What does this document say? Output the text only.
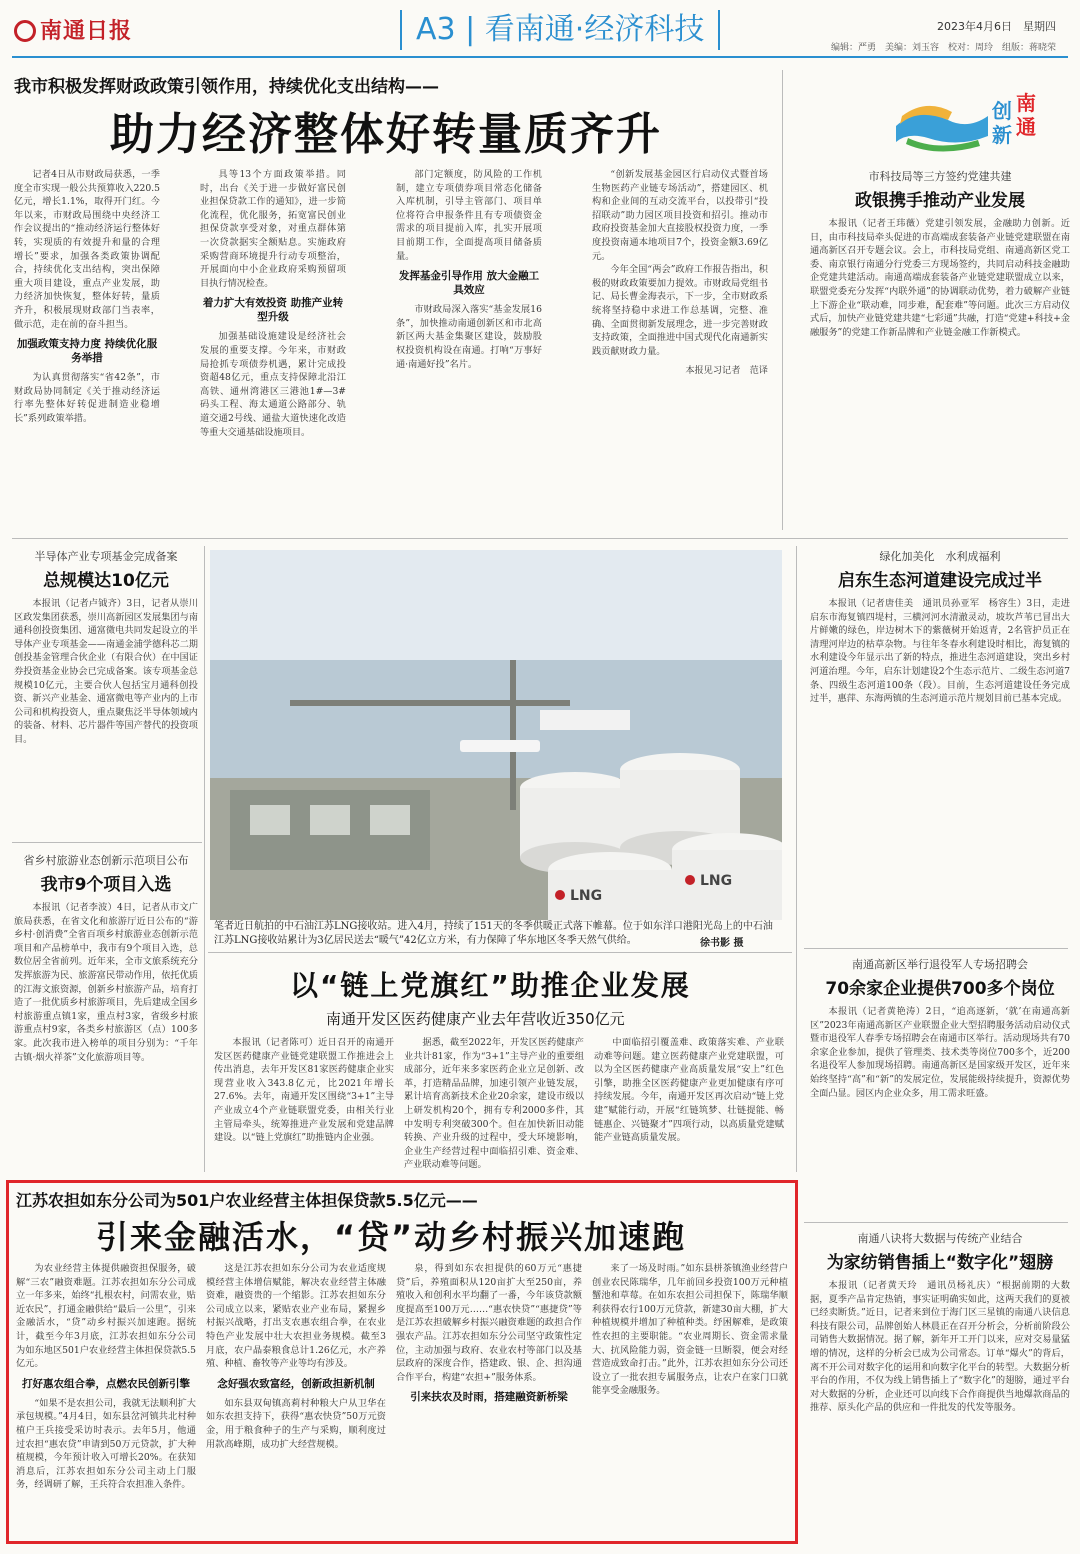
南通日报	A3 | 看南通·经济科技	2023年4月6日　星期四
编辑：严勇　美编：刘玉容　校对：周玲　组版：蒋晓荣
我市积极发挥财政政策引领作用，持续优化支出结构——
助力经济整体好转量质齐升

记者4日从市财政局获悉，一季度全市实现一般公共预算收入220.5亿元，增长1.1%，取得开门红。今年以来，市财政局围绕中央经济工作会议提出的“推动经济运行整体好转，实现质的有效提升和量的合理增长”要求，加强各类政策协调配合，持续优化支出结构，突出保障重大项目建设，重点产业发展，助力经济加快恢复，整体好转，量质齐升，积极展现财政部门当表率，做示范，走在前的奋斗担当。

加强政策支持力度 持续优化服务举措

为认真贯彻落实“省42条”，市财政局协同制定《关于推动经济运行率先整体好转促进制造业稳增长”系列政策举措。

具等13个方面政策举措。同时，出台《关于进一步做好富民创业担保贷款工作的通知》，进一步简化流程，优化服务，拓宽富民创业担保贷款享受对象，对重点群体第一次贷款据实全额贴息。实施政府采购营商环境提升行动专项整治，开展面向中小企业政府采购预留项目执行情况检查。

着力扩大有效投资 助推产业转型升级

加强基础设施建设是经济社会发展的重要支撑。今年来，市财政局抢抓专项债券机遇，累计完成投资超48亿元，重点支持保障北沿江高铁、通州湾港区三港池1#—3#码头工程、海太通道公路部分、轨道交通2号线、通盐大道快速化改造等重大交通基础设施项目。

部门定额度，防风险的工作机制，建立专项债券项目常态化储备入库机制，引导主管部门、项目单位将符合申报条件且有专项债资金需求的项目提前入库，扎实开展项目前期工作，全面提高项目储备质量。

发挥基金引导作用 放大金融工具效应

市财政局深入落实“基金发展16条”，加快推动南通创新区和市北高新区两大基金集聚区建设，鼓励股权投资机构设在南通。打响“万事好通·南通好投”名片。

“创新发展基金园区行启动仪式暨首场生物医药产业链专场活动”，搭建园区、机构和企业间的互动交流平台，以投带引“投招联动”助力园区项目投资和招引。推动市政府投资基金加大直接股权投资力度，一季度投资南通本地项目7个，投资金额3.69亿元。

今年全国“两会”政府工作报告指出，积极的财政政策要加力提效。市财政局党组书记、局长曹金海表示，下一步，全市财政系统将坚持稳中求进工作总基调，完整、准确、全面贯彻新发展理念，进一步完善财政支持政策，全面推进中国式现代化南通新实践贡献财政力量。

本报见习记者　范译

创
新
南
通
市科技局等三方签约党建共建
政银携手推动产业发展

本报讯（记者王玮薇）党建引领发展，金融助力创新。近日，由市科技局牵头促进的市高端成套装备产业链党建联盟在南通高新区召开专题会议。会上，市科技局党组、南通高新区党工委、南京银行南通分行党委三方现场签约，共同启动科技金融助企党建共建活动。南通高端成套装备产业链党建联盟成立以来，联盟党委充分发挥“内联外通”的协调联动优势，着力破解产业链上下游企业“联动难，同步难，配套难”等问题。此次三方启动仪式后，加快产业链党建共建“七彩通”共融，打造“党建+科技+金融服务”的党建工作新品牌和产业链金融工作新模式。

半导体产业专项基金完成备案
总规模达10亿元

本报讯（记者卢钺齐）3日，记者从崇川区政发集团获悉，崇川高新园区发展集团与南通科创投资集团、通富微电共同发起设立的半导体产业专项基金——南通金浦学德科芯二期创投基金管理合伙企业（有限合伙）在中国证券投资基金业协会已完成备案。该专项基金总规模10亿元，主要合伙人包括宝月通科创投资、新兴产业基金、通富微电等产业内的上市公司和机构投资人，重点聚焦泛半导体领域内的装备、材料、芯片器件等国产替代的投资项目。

省乡村旅游业态创新示范项目公布
我市9个项目入选

本报讯（记者李波）4日，记者从市文广旅局获悉，在省文化和旅游厅近日公布的“游乡村·创消费”全省百项乡村旅游业态创新示范项目和产品榜单中，我市有9个项目入选，总数位居全省前列。近年来，全市文旅系统充分发挥旅游为民、旅游富民带动作用，依托优质的江海文旅资源，创新乡村旅游产品，培育打造了一批优质乡村旅游项目，先后建成全国乡村旅游重点镇1家，重点村3家，省级乡村旅游重点村9家，各类乡村旅游区（点）100多家。此次我市进入榜单的项目分别为：“千年古镇·烟火祥茶”文化旅游项目等。

LNG
LNG
笔者近日航拍的中石油江苏LNG接收站。进入4月，持续了151天的冬季供暖正式落下帷幕。位于如东洋口港阳光岛上的中石油江苏LNG接收站累计为3亿居民送去“暖气”42亿立方米，有力保障了华东地区冬季天然气供给。	徐书影 摄
以“链上党旗红”助推企业发展
南通开发区医药健康产业去年营收近350亿元

本报讯（记者陈可）近日召开的南通开发区医药健康产业链党建联盟工作推进会上传出消息，去年开发区81家医药健康企业实现营业收入343.8亿元，比2021年增长27.6%。去年，南通开发区围绕“3+1”主导产业成立4个产业链联盟党委，由相关行业主管局牵头，统筹推进产业发展和党建品牌建设。以“链上党旗红”助推链内企业强。

据悉，截至2022年，开发区医药健康产业共计81家，作为“3+1”主导产业的重要组成部分，近年来多家医药企业立足创新、改革，打造精品品牌，加速引领产业链发展，累计培育高新技术企业20余家，建设市级以上研发机构20个，拥有专利2000多件，其中发明专利突破300个。但在加快新旧动能转换、产业升级的过程中，受大环境影响，企业生产经营过程中面临招引难、资金难、产业联动难等问题。

中面临招引覆盖难、政策落实难、产业联动难等问题。建立医药健康产业党建联盟，可以为全区医药健康产业高质量发展“安上”红色引擎，助推全区医药健康产业更加健康有序可持续发展。今年，南通开发区再次启动“链上党建”赋能行动，开展“红链筑梦、壮链提能、畅链惠企、兴链聚才”四项行动，以高质量党建赋能产业链高质量发展。

绿化加美化　水利成福利
启东生态河道建设完成过半

本报讯（记者唐佳美　通讯员孙亚军　杨容生）3日，走进启东市海复镇四堤村，三横河河水清澈灵动，坡坎芦苇已冒出大片鲜嫩的绿色，岸边树木下的紫薇树开始返青，2名管护员正在清理河岸边的枯草杂物。与往年冬春水利建设时相比，海复镇的水利建设今年显示出了新的特点，推进生态河道建设，突出乡村河道治理。今年，启东计划建设2个生态示范片、二级生态河道7条、四级生态河道100条（段）。目前，生态河道建设任务完成过半，惠萍、东海两镇的生态河道示范片规划目前已基本完成。

南通高新区举行退役军人专场招聘会
70余家企业提供700多个岗位

本报讯（记者黄艳涛）2日，“追高逐新，‘就’在南通高新区”2023年南通高新区产业联盟企业大型招聘服务活动启动仪式暨市退役军人春季专场招聘会在南通市区举行。活动现场共有70余家企业参加，提供了管理类、技术类等岗位700多个，近200名退役军人参加现场招聘。南通高新区是国家级开发区，近年来始终坚持“高”和“新”的发展定位，发展能级持续提升，资源优势全面凸显。园区内企业众多，用工需求旺盛。

南通八诀将大数据与传统产业结合
为家纺销售插上“数字化”翅膀

本报讯（记者黄天玲　通讯员杨礼庆）“根据前期的大数据，夏季产品肯定热销，事实证明确实如此，这两天我们的夏被已经卖断货。”近日，记者来到位于海门区三星镇的南通八诀信息科技有限公司，品牌创始人林晨正在召开分析会，分析前阶段公司销售大数据情况。据了解，新年开工开门以来，应对交易量猛增的情况，这样的分析会已成为公司常态。订单“爆火”的背后，离不开公司对数字化的运用和向数字化平台的转型。大数据分析平台的作用，不仅为线上销售插上了“数字化”的翅膀，通过平台对大数据的分析，企业还可以向线下合作商提供当地爆款商品的推荐、原头化产品的供应和一件批发的代发等服务。

江苏农担如东分公司为501户农业经营主体担保贷款5.5亿元——
引来金融活水，“贷”动乡村振兴加速跑

为农业经营主体提供融资担保服务，破解“三农”融资难题。江苏农担如东分公司成立一年多来，始终“扎根农村，问需农业，贴近农民”，打通金融供给“最后一公里”，引来金融活水，“贷”动乡村振兴加速跑。据统计，截至今年3月底，江苏农担如东分公司为如东地区501户农业经营主体担保贷款5.5亿元。

打好惠农组合拳，点燃农民创新引擎

“如果不是农担公司，我就无法顺利扩大承包规模。”4月4日，如东县岔河镇共北村种植户王兵接受采访时表示。去年5月，他通过农担“惠农贷”申请到50万元贷款，扩大种植规模，今年预计收入可增长20%。在获知消息后，江苏农担如东分公司主动上门服务，经调研了解，王兵符合农担准入条件。

这是江苏农担如东分公司为农业适度规模经营主体增信赋能，解决农业经营主体融资难，融资贵的一个缩影。江苏农担如东分公司成立以来，紧贴农业产业布局，紧握乡村振兴战略，打出支农惠农组合拳，在农业特色产业发展中壮大农担业务规模。截至3月底，农户晶泰粮食总计1.26亿元，水产养殖、种植、畜牧等产业等均有涉及。

念好强农致富经，创新政担新机制

如东县双甸镇高莉村种粮大户从卫华在如东农担支持下，获得“惠农快贷”50万元资金，用于粮食种子的生产与采购，顺利度过用款高峰期，成功扩大经营规模。

泉，得到如东农担提供的60万元“惠捷贷”后，养殖面积从120亩扩大至250亩，养殖收入和创利水平均翻了一番，今年该贷款额度提高至100万元……“惠农快贷”“惠捷贷”等是江苏农担破解乡村振兴融资难题的政担合作强农产品。江苏农担如东分公司坚守政策性定位，主动加强与政府、农业农村等部门以及基层政府的深度合作，搭建政、银、企、担沟通合作平台，构建“农担+”服务体系。

引来扶农及时雨，搭建融资新桥梁

来了一场及时雨。”如东县栟茶镇渔业经营户创业农民陈瑞华，几年前回乡投资100万元种植蟹池和草莓。在如东农担公司担保下，陈瑞华顺利获得农行100万元贷款，新建30亩大棚，扩大种植规模并增加了种植种类。纾困解难，是政策性农担的主要职能。“农业周期长、资金需求量大、抗风险能力弱，资金链一旦断裂，便会对经营造成致命打击。”此外，江苏农担如东分公司还设立了一批农担专属服务点，让农户在家门口就能享受金融服务。
